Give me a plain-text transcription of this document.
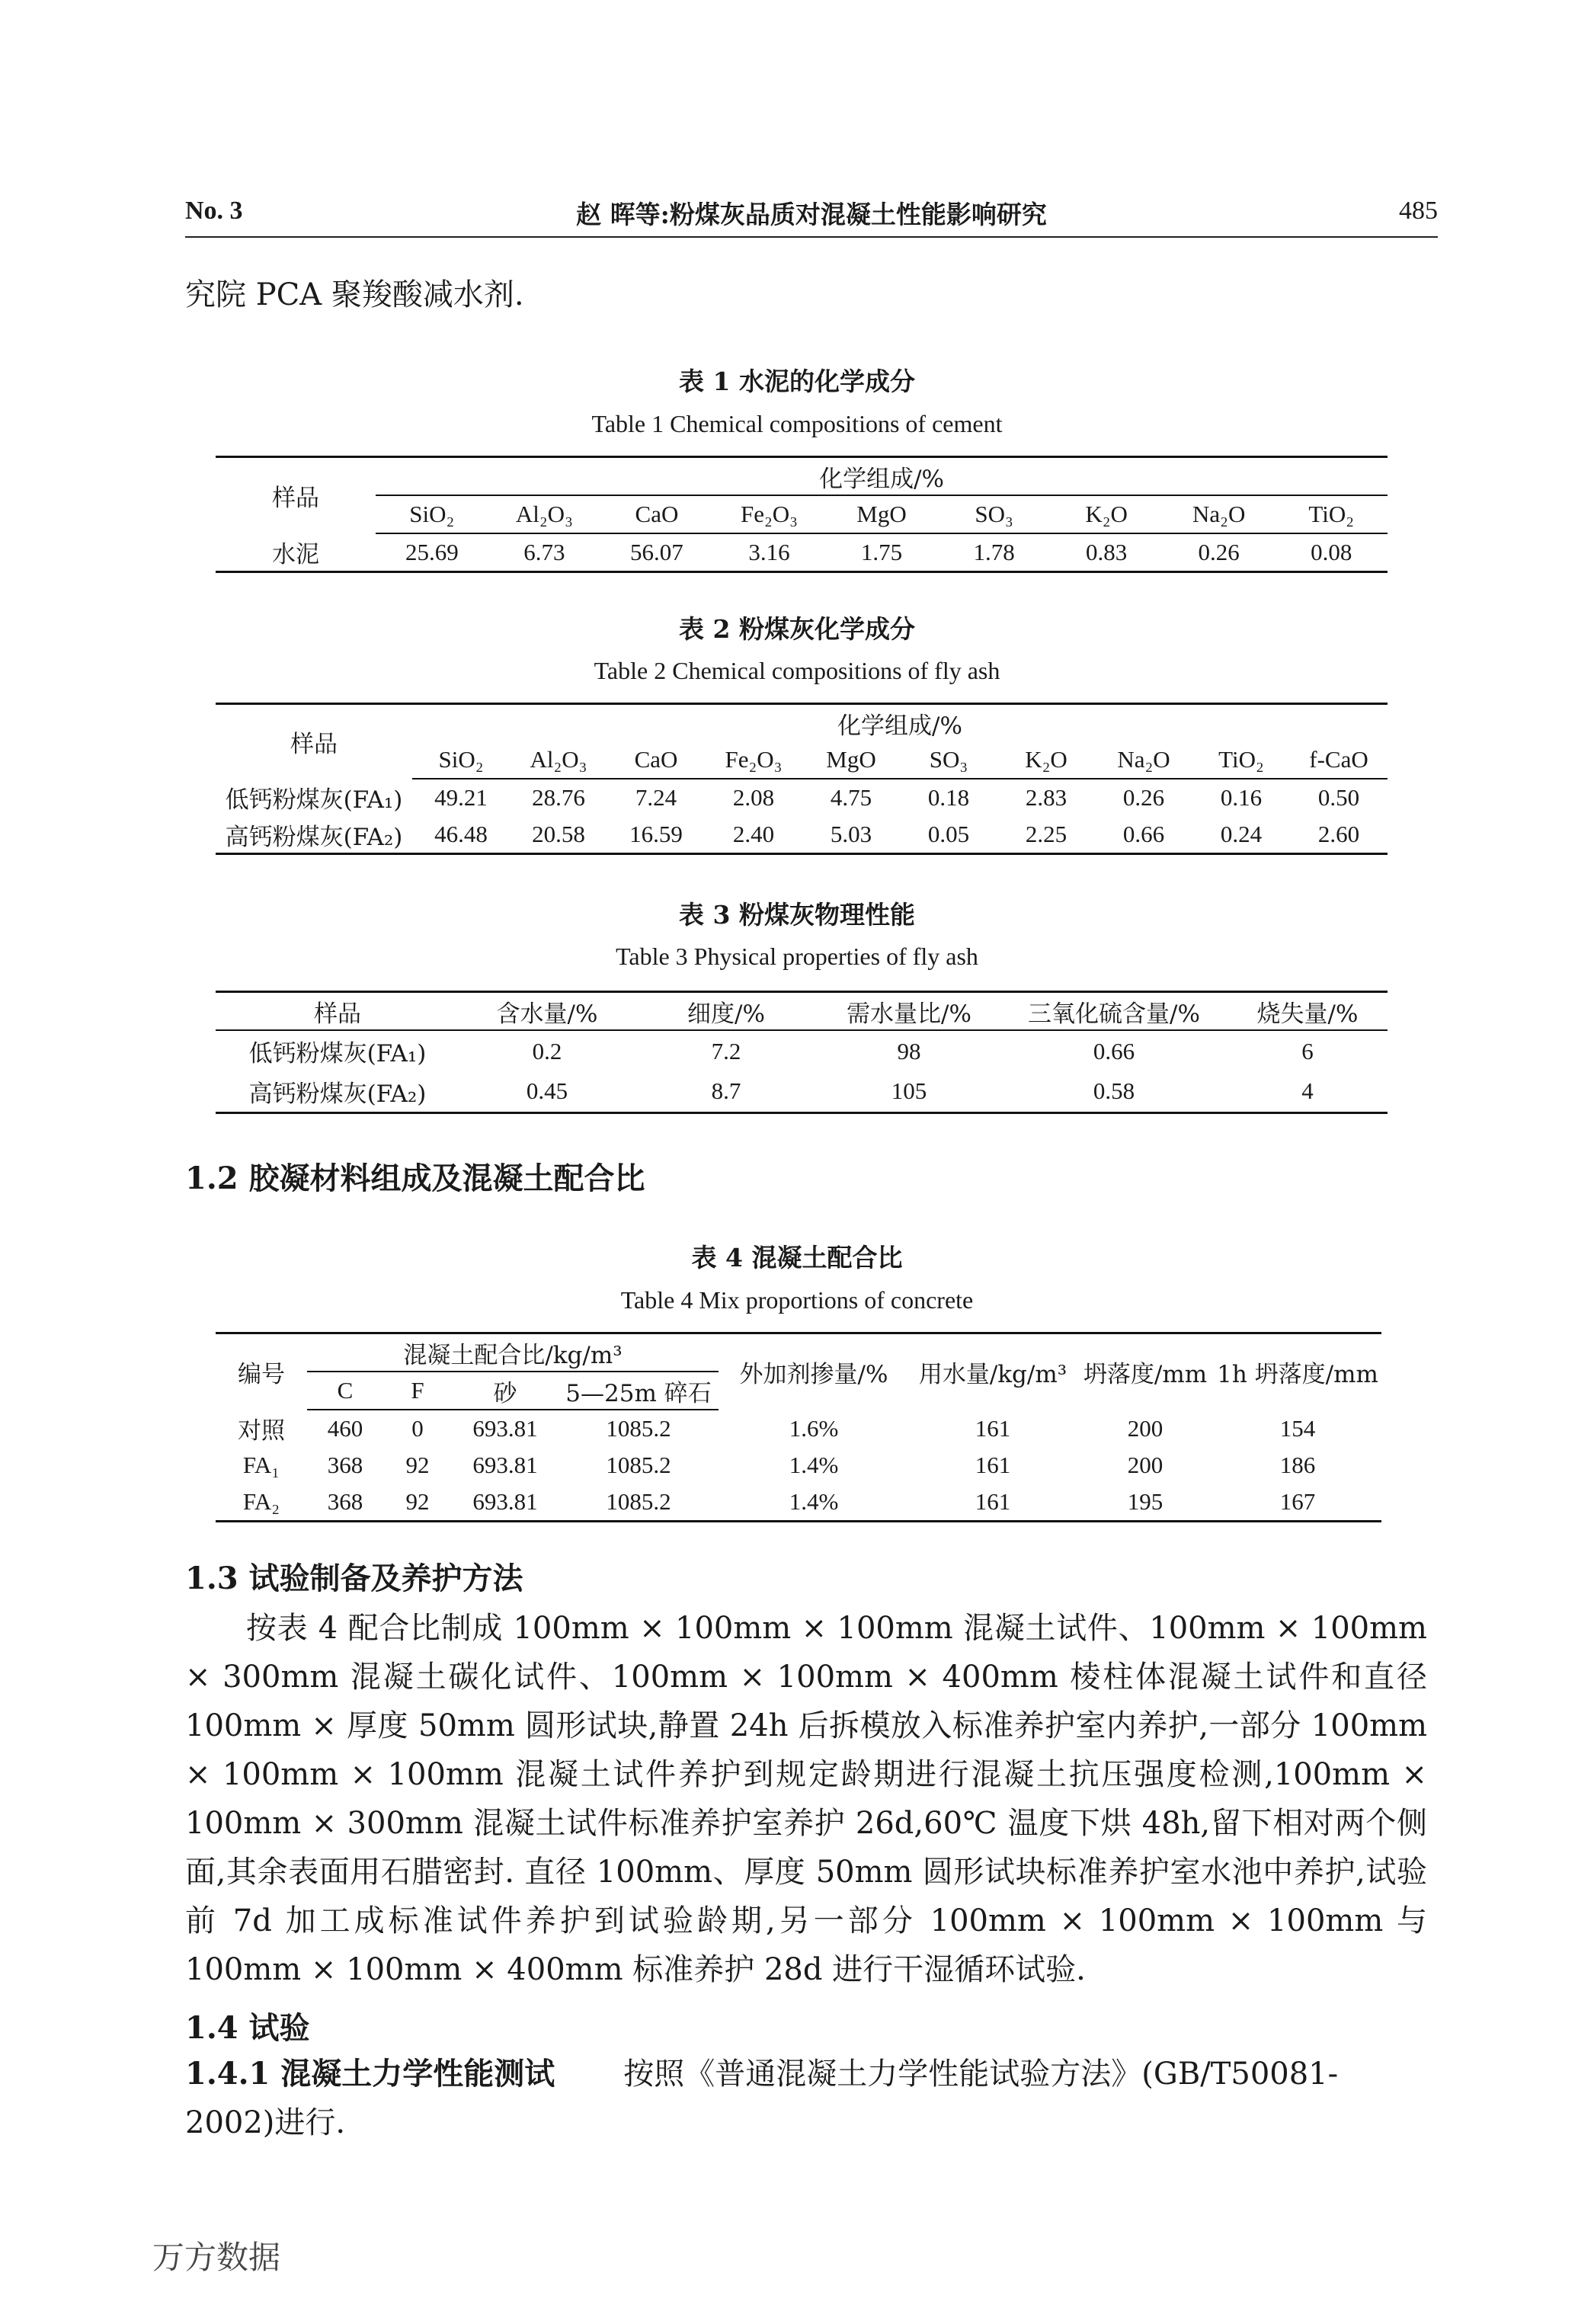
No. 3	赵 晖等:粉煤灰品质对混凝土性能影响研究	485
究院 PCA 聚羧酸减水剂.
表 1 水泥的化学成分
Table 1 Chemical compositions of cement
样品	化学组成/%								
	SiO₂	Al₂O₃	CaO	Fe₂O₃	MgO	SO₃	K₂O	Na₂O	TiO₂
水泥	25.69	6.73	56.07	3.16	1.75	1.78	0.83	0.26	0.08
表 2 粉煤灰化学成分
Table 2 Chemical compositions of fly ash
样品	化学组成/%									
	SiO₂	Al₂O₃	CaO	Fe₂O₃	MgO	SO₃	K₂O	Na₂O	TiO₂	f-CaO
低钙粉煤灰(FA₁)	49.21	28.76	7.24	2.08	4.75	0.18	2.83	0.26	0.16	0.50
高钙粉煤灰(FA₂)	46.48	20.58	16.59	2.40	5.03	0.05	2.25	0.66	0.24	2.60
表 3 粉煤灰物理性能
Table 3 Physical properties of fly ash
样品	含水量/%	细度/%	需水量比/%	三氧化硫含量/%	烧失量/%
低钙粉煤灰(FA₁)	0.2	7.2	98	0.66	6
高钙粉煤灰(FA₂)	0.45	8.7	105	0.58	4
1.2 胶凝材料组成及混凝土配合比
表 4 混凝土配合比
Table 4 Mix proportions of concrete
编号	混凝土配合比/kg/m³				外加剂掺量/%	用水量/kg/m³	坍落度/mm	1h 坍落度/mm
	C	F	砂	5—25m 碎石				
对照	460	0	693.81	1085.2	1.6%	161	200	154
FA₁	368	92	693.81	1085.2	1.4%	161	200	186
FA₂	368	92	693.81	1085.2	1.4%	161	195	167
1.3 试验制备及养护方法
按表 4 配合比制成 100mm × 100mm × 100mm 混凝土试件、100mm × 100mm × 300mm 混凝土碳化试件、100mm × 100mm × 400mm 棱柱体混凝土试件和直径 100mm × 厚度 50mm 圆形试块,静置 24h 后拆模放入标准养护室内养护,一部分 100mm × 100mm × 100mm 混凝土试件养护到规定龄期进行混凝土抗压强度检测,100mm × 100mm × 300mm 混凝土试件标准养护室养护 26d,60℃ 温度下烘 48h,留下相对两个侧面,其余表面用石腊密封. 直径 100mm、厚度 50mm 圆形试块标准养护室水池中养护,试验前 7d 加工成标准试件养护到试验龄期,另一部分 100mm × 100mm × 100mm 与 100mm × 100mm × 400mm 标准养护 28d 进行干湿循环试验.
1.4 试验
1.4.1 混凝土力学性能测试 按照《普通混凝土力学性能试验方法》(GB/T50081-2002)进行.
万方数据
